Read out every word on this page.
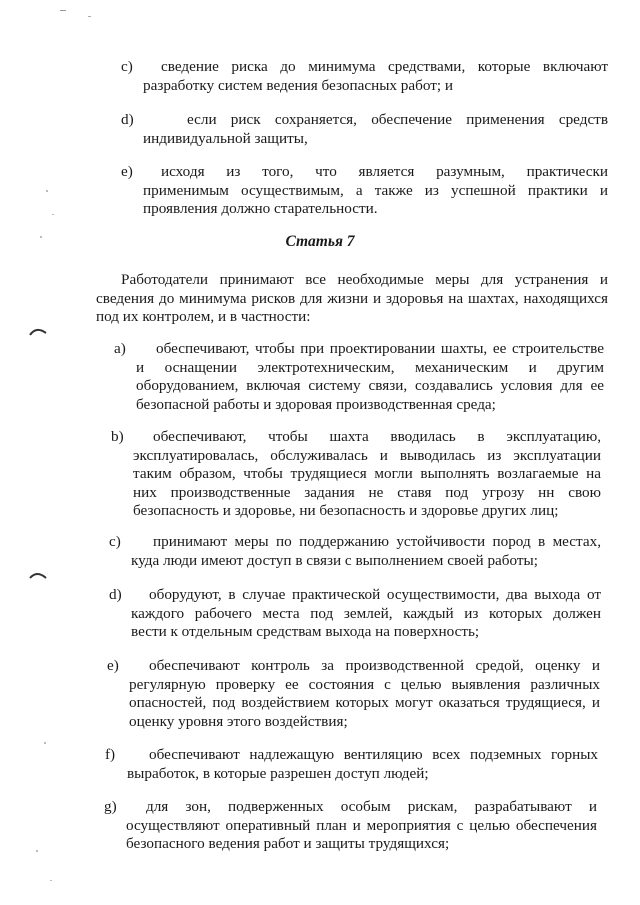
c)	сведение риска до минимума средствами, которые включают
разработку систем ведения безопасных работ; и
d)	если риск сохраняется, обеспечение применения средств
индивидуальной защиты,
e)	исходя из того, что является разумным, практически
применимым осуществимым, а также из успешной практики и
проявления должно старательности.
Статья 7
Работодатели принимают все необходимые меры для устранения и
сведения до минимума рисков для жизни и здоровья на шахтах, находящихся
под их контролем, и в частности:
a)	обеспечивают, чтобы при проектировании шахты, ее строительстве
и оснащении электротехническим, механическим и другим
оборудованием, включая систему связи, создавались условия для ее
безопасной работы и здоровая производственная среда;
b)	обеспечивают, чтобы шахта вводилась в эксплуатацию,
эксплуатировалась, обслуживалась и выводилась из эксплуатации
таким образом, чтобы трудящиеся могли выполнять возлагаемые на
них производственные задания не ставя под угрозу нн свою
безопасность и здоровье, ни безопасность и здоровье других лиц;
c)	принимают меры по поддержанию устойчивости пород в местах,
куда люди имеют доступ в связи с выполнением своей работы;
d)	оборудуют, в случае практической осуществимости, два выхода от
каждого рабочего места под землей, каждый из которых должен
вести к отдельным средствам выхода на поверхность;
e)	обеспечивают контроль за производственной средой, оценку и
регулярную проверку ее состояния с целью выявления различных
опасностей, под воздействием которых могут оказаться трудящиеся, и
оценку уровня этого воздействия;
f)	обеспечивают надлежащую вентиляцию всех подземных горных
выработок, в которые разрешен доступ людей;
g)	для зон, подверженных особым рискам, разрабатывают и
осуществляют оперативный план и мероприятия с целью обеспечения
безопасного ведения работ и защиты трудящихся;
